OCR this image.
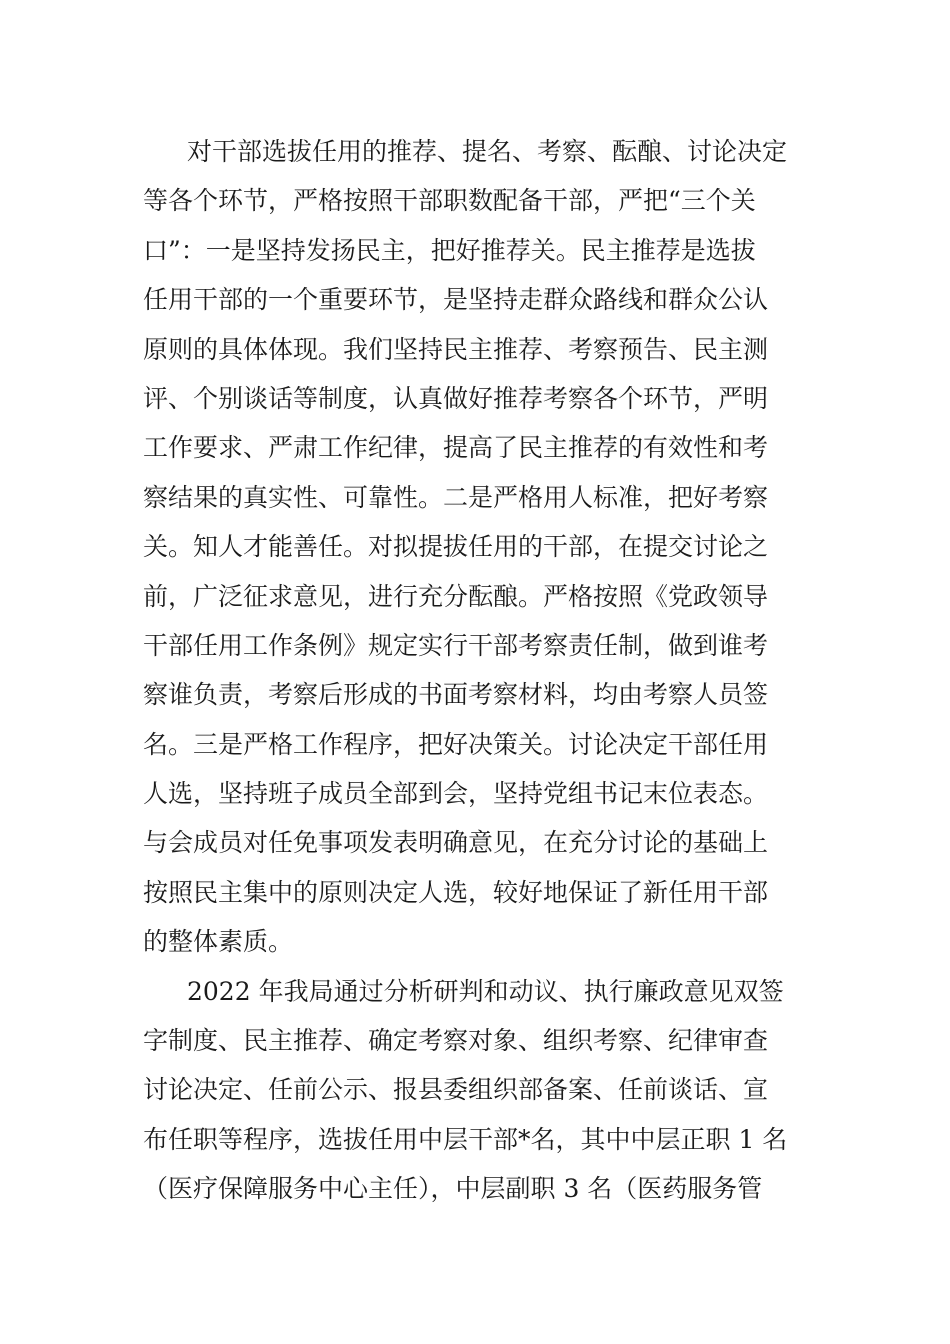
对干部选拔任用的推荐、提名、考察、酝酿、讨论决定
等各个环节，严格按照干部职数配备干部，严把“三个关
口”：一是坚持发扬民主，把好推荐关。民主推荐是选拔
任用干部的一个重要环节，是坚持走群众路线和群众公认
原则的具体体现。我们坚持民主推荐、考察预告、民主测
评、个别谈话等制度，认真做好推荐考察各个环节，严明
工作要求、严肃工作纪律，提高了民主推荐的有效性和考
察结果的真实性、可靠性。二是严格用人标准，把好考察
关。知人才能善任。对拟提拔任用的干部，在提交讨论之
前，广泛征求意见，进行充分酝酿。严格按照《党政领导
干部任用工作条例》规定实行干部考察责任制，做到谁考
察谁负责，考察后形成的书面考察材料，均由考察人员签
名。三是严格工作程序，把好决策关。讨论决定干部任用
人选，坚持班子成员全部到会，坚持党组书记末位表态。
与会成员对任免事项发表明确意见，在充分讨论的基础上
按照民主集中的原则决定人选，较好地保证了新任用干部
的整体素质。
2022 年我局通过分析研判和动议、执行廉政意见双签
字制度、民主推荐、确定考察对象、组织考察、纪律审查
讨论决定、任前公示、报县委组织部备案、任前谈话、宣
布任职等程序，选拔任用中层干部*名，其中中层正职 1 名
（医疗保障服务中心主任），中层副职 3 名（医药服务管
